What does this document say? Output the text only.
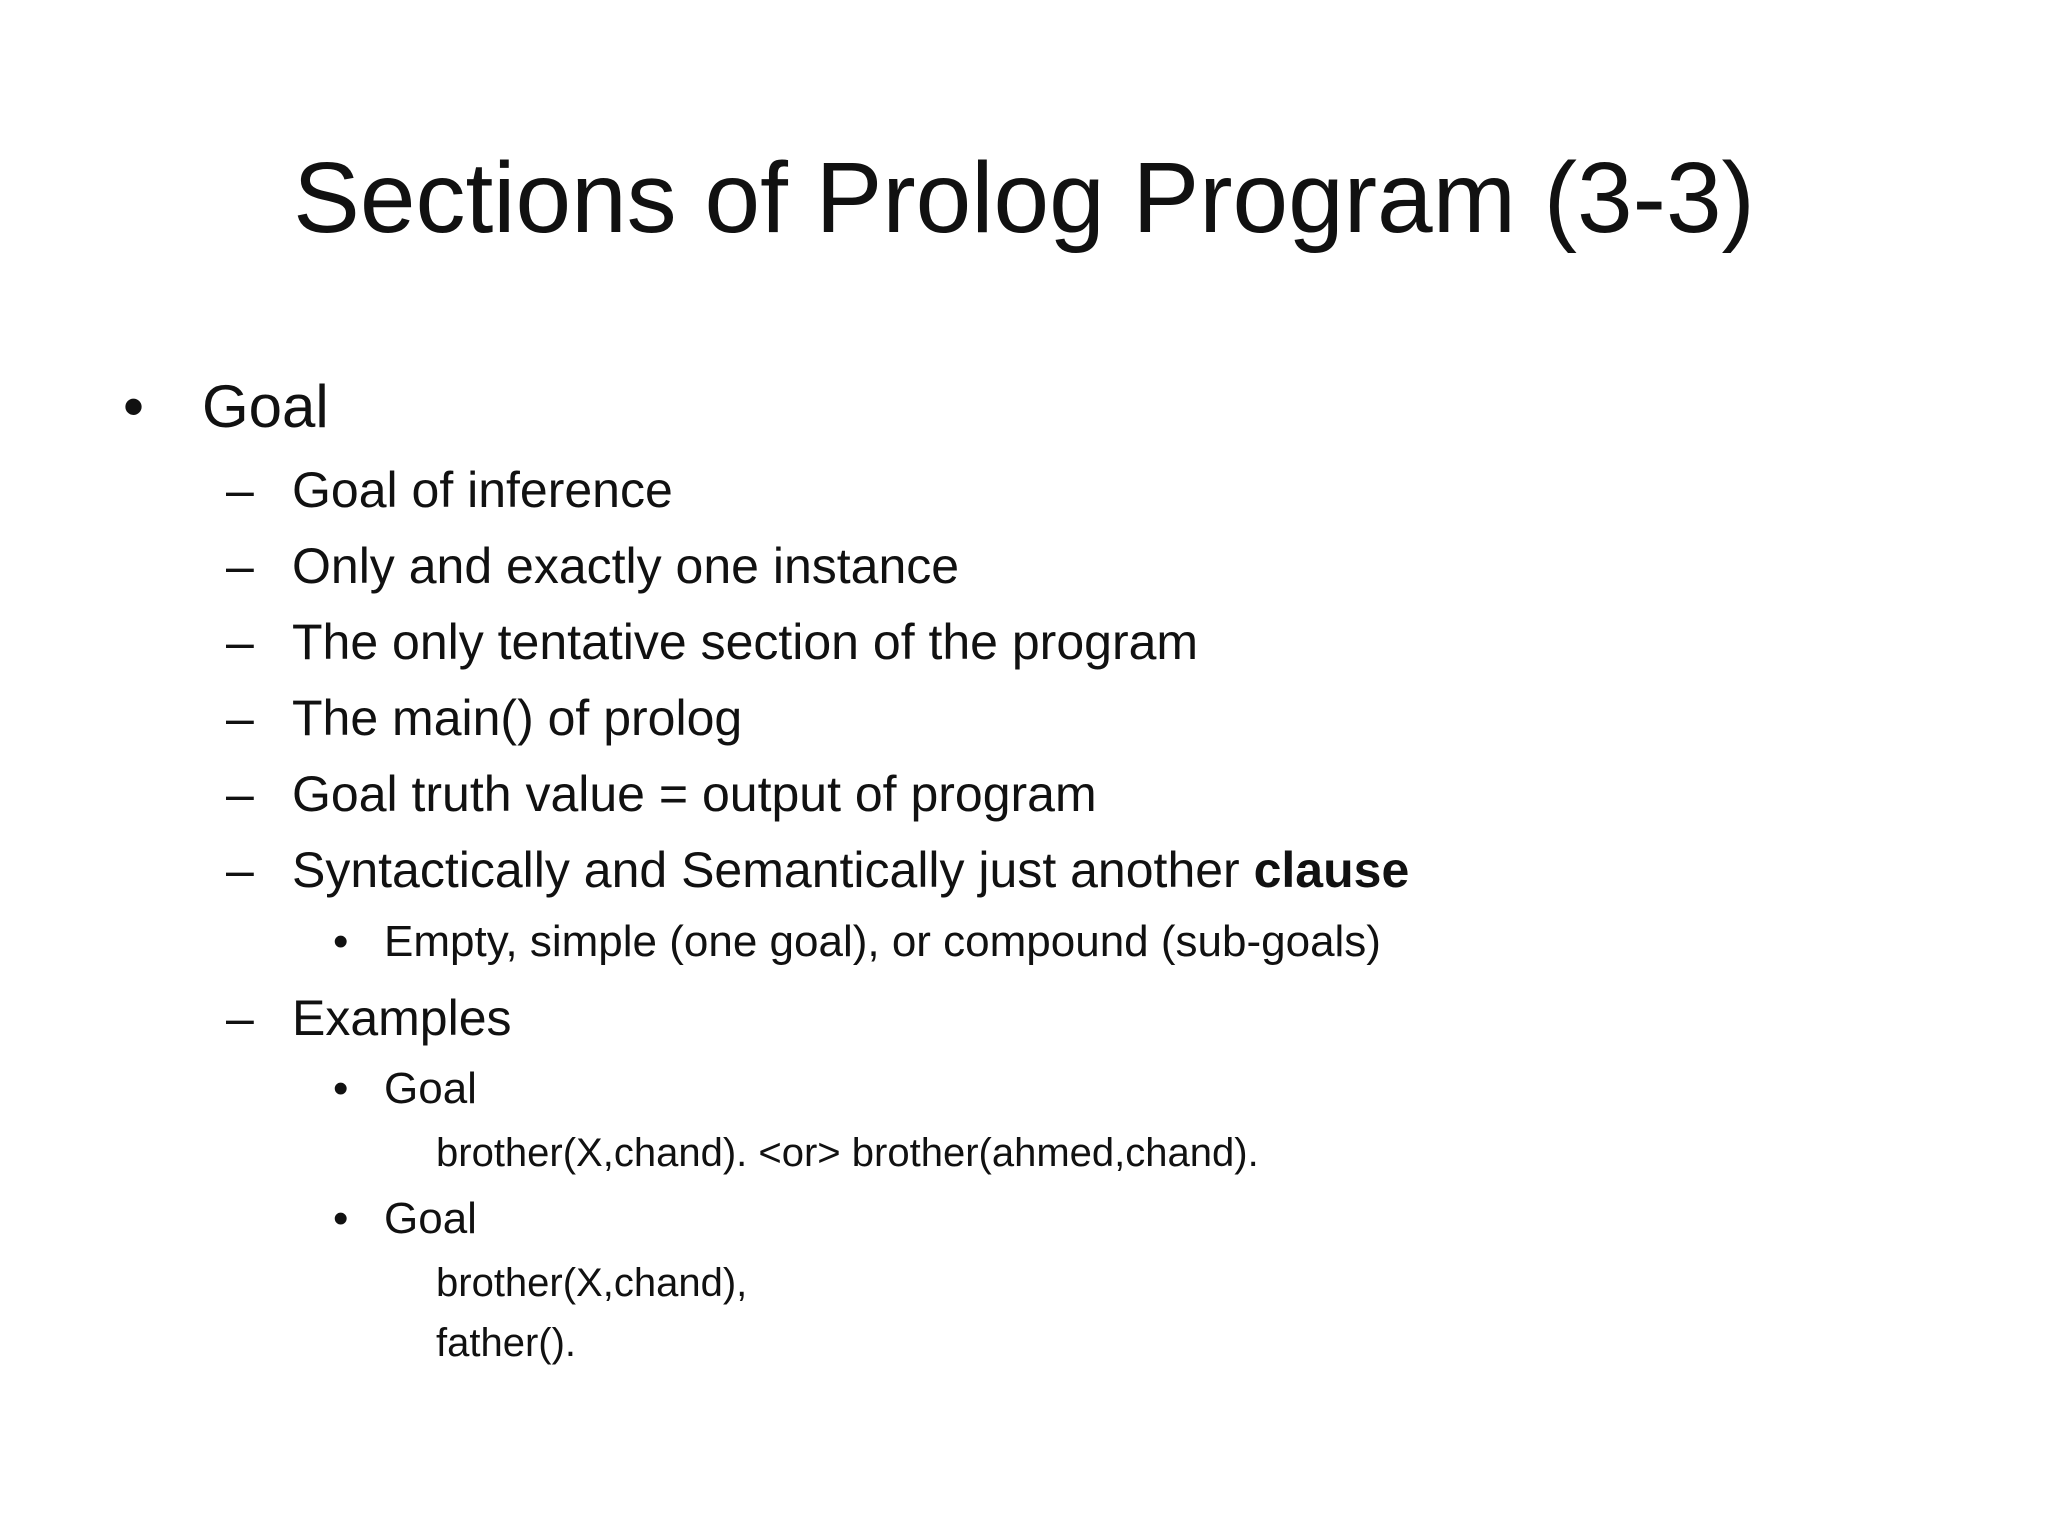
Sections of Prolog Program (3-3)
• Goal
– Goal of inference
– Only and exactly one instance
– The only tentative section of the program
– The main() of prolog
– Goal truth value = output of program
– Syntactically and Semantically just another clause
• Empty, simple (one goal), or compound (sub-goals)
– Examples
• Goal
brother(X,chand). <or> brother(ahmed,chand).
• Goal
brother(X,chand),
father().
